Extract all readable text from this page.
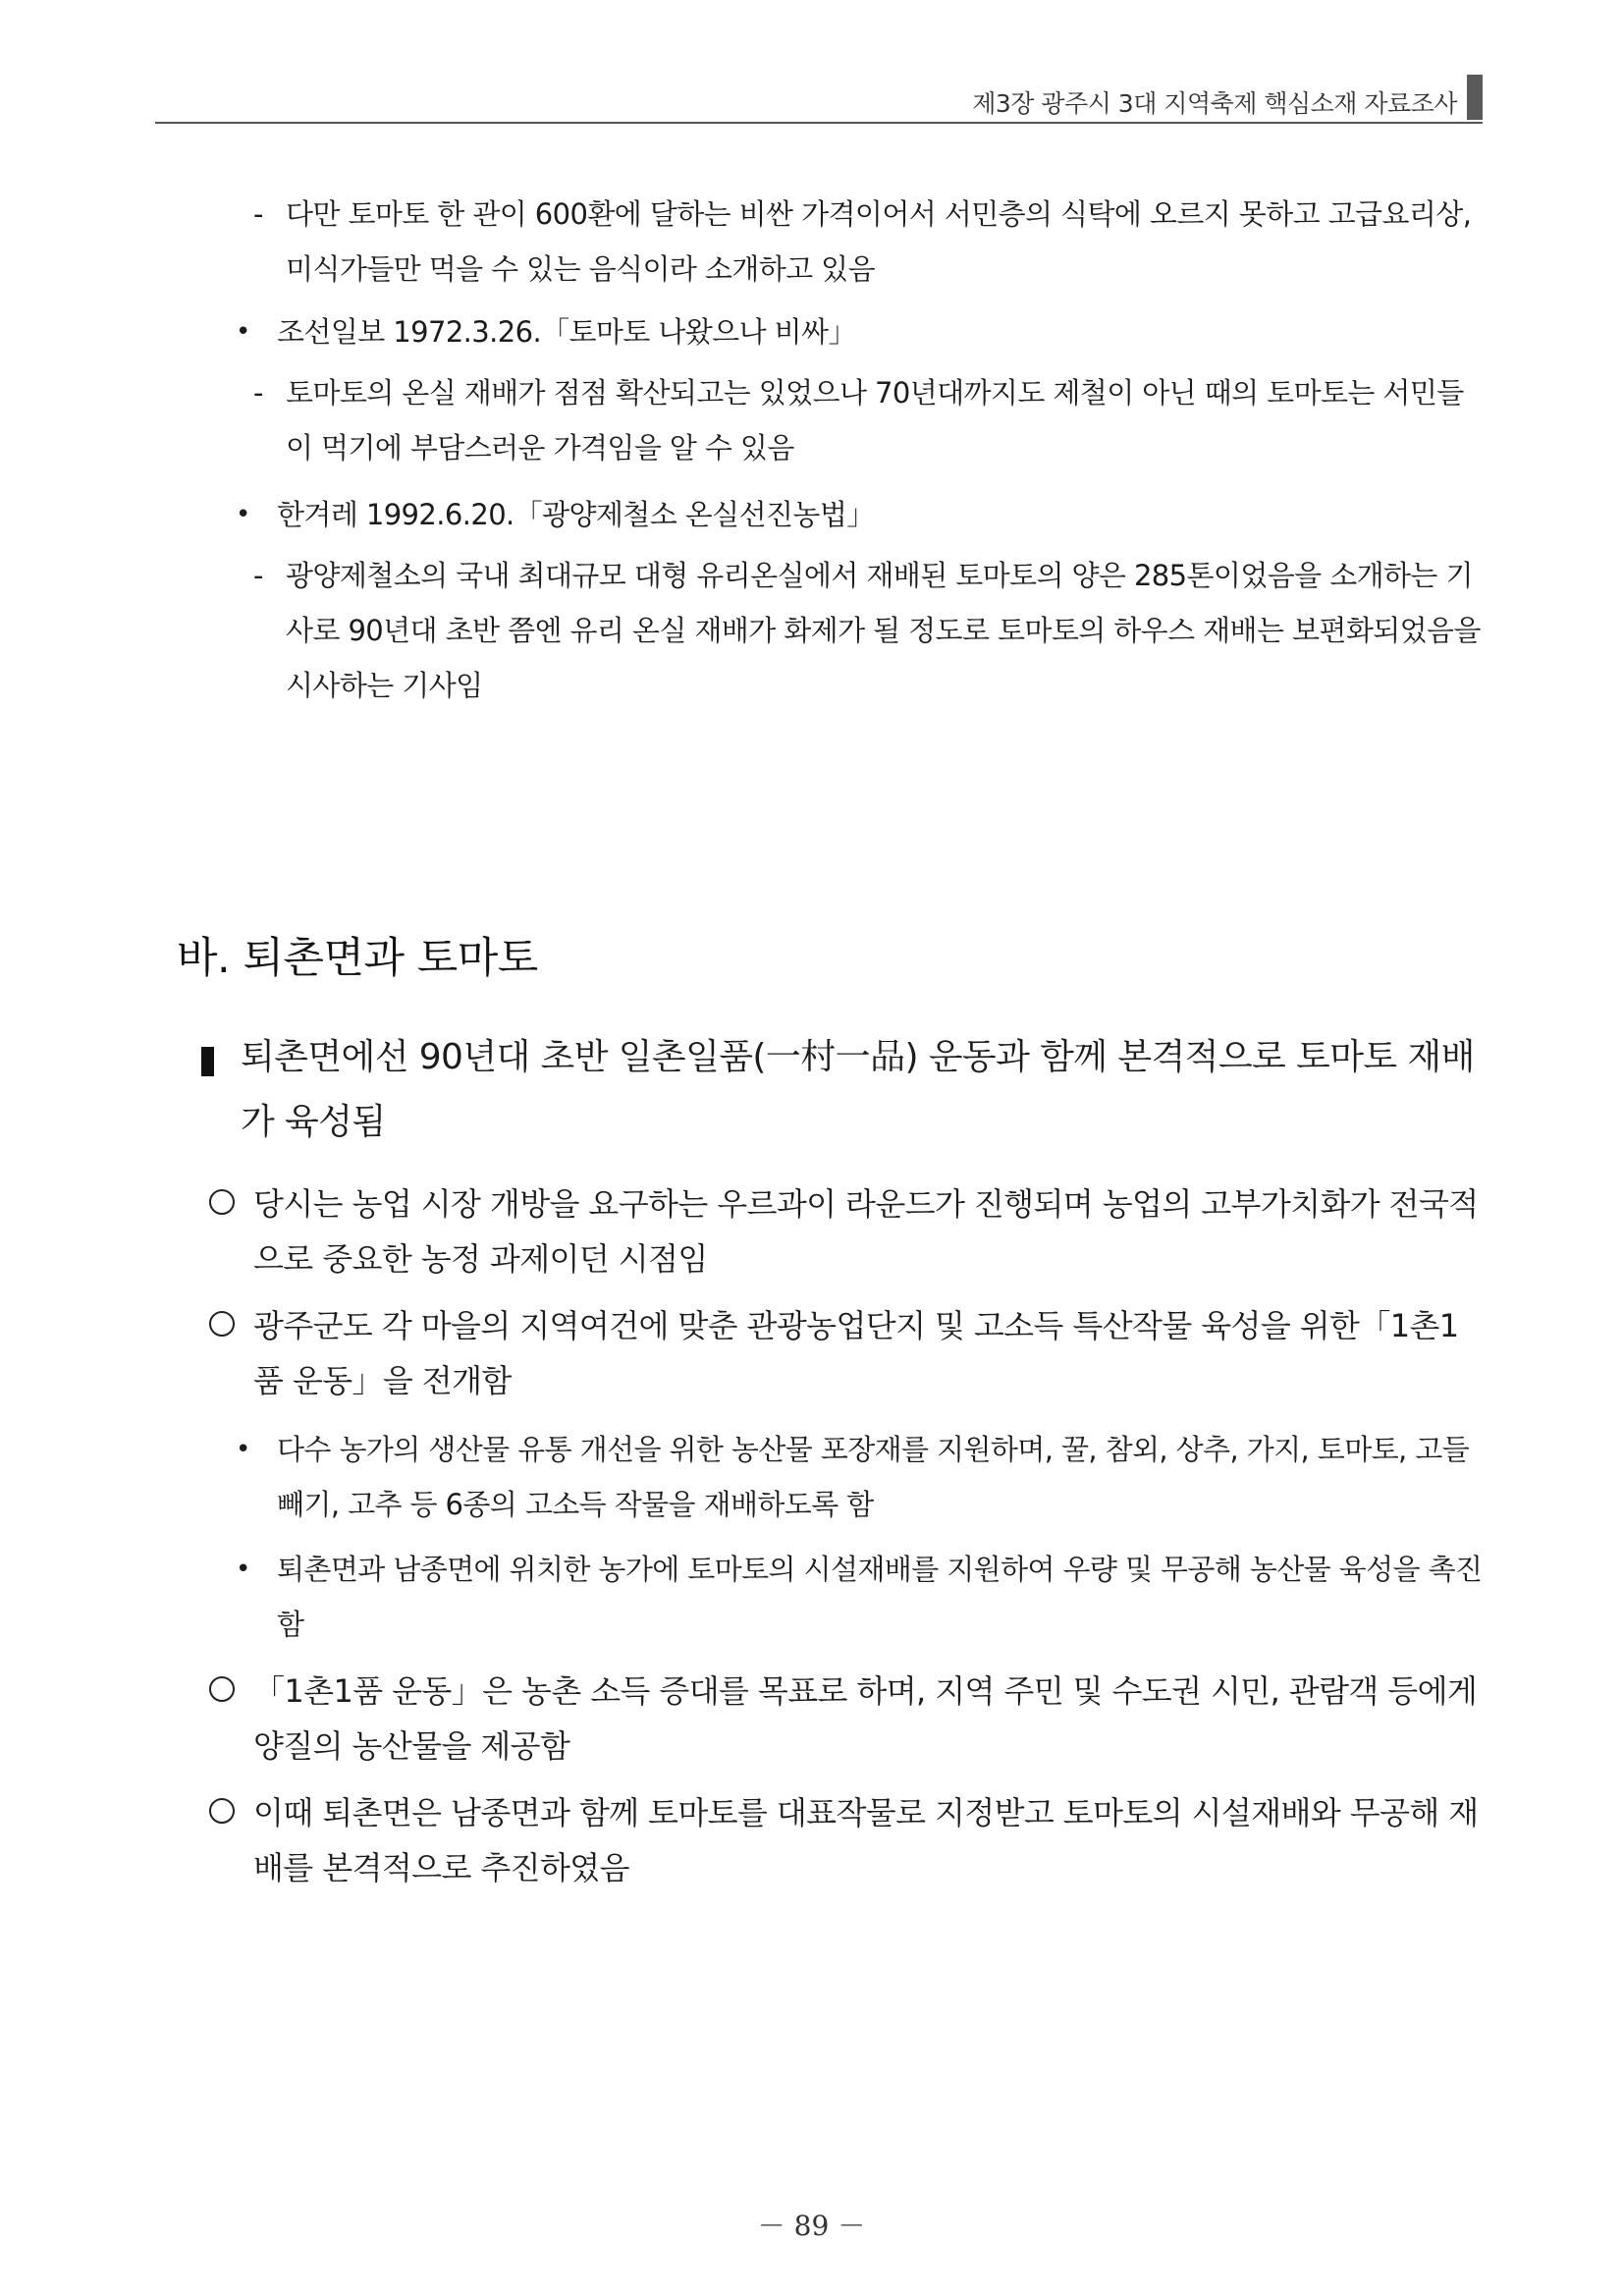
제3장 광주시 3대 지역축제 핵심소재 자료조사
- 다만 토마토 한 관이 600환에 달하는 비싼 가격이어서 서민층의 식탁에 오르지 못하고 고급요리상, 미식가들만 먹을 수 있는 음식이라 소개하고 있음
• 조선일보 1972.3.26.「토마토 나왔으나 비싸」
- 토마토의 온실 재배가 점점 확산되고는 있었으나 70년대까지도 제철이 아닌 때의 토마토는 서민들이 먹기에 부담스러운 가격임을 알 수 있음
• 한겨레 1992.6.20.「광양제철소 온실선진농법」
- 광양제철소의 국내 최대규모 대형 유리온실에서 재배된 토마토의 양은 285톤이었음을 소개하는 기사로 90년대 초반 쯤엔 유리 온실 재배가 화제가 될 정도로 토마토의 하우스 재배는 보편화되었음을 시사하는 기사임
바. 퇴촌면과 토마토
퇴촌면에선 90년대 초반 일촌일품(一村一品) 운동과 함께 본격적으로 토마토 재배가 육성됨
당시는 농업 시장 개방을 요구하는 우르과이 라운드가 진행되며 농업의 고부가치화가 전국적으로 중요한 농정 과제이던 시점임
광주군도 각 마을의 지역여건에 맞춘 관광농업단지 및 고소득 특산작물 육성을 위한「1촌1품 운동」을 전개함
• 다수 농가의 생산물 유통 개선을 위한 농산물 포장재를 지원하며, 꿀, 참외, 상추, 가지, 토마토, 고들빼기, 고추 등 6종의 고소득 작물을 재배하도록 함
• 퇴촌면과 남종면에 위치한 농가에 토마토의 시설재배를 지원하여 우량 및 무공해 농산물 육성을 촉진함
「1촌1품 운동」은 농촌 소득 증대를 목표로 하며, 지역 주민 및 수도권 시민, 관람객 등에게 양질의 농산물을 제공함
이때 퇴촌면은 남종면과 함께 토마토를 대표작물로 지정받고 토마토의 시설재배와 무공해 재배를 본격적으로 추진하였음
－ 89 －
